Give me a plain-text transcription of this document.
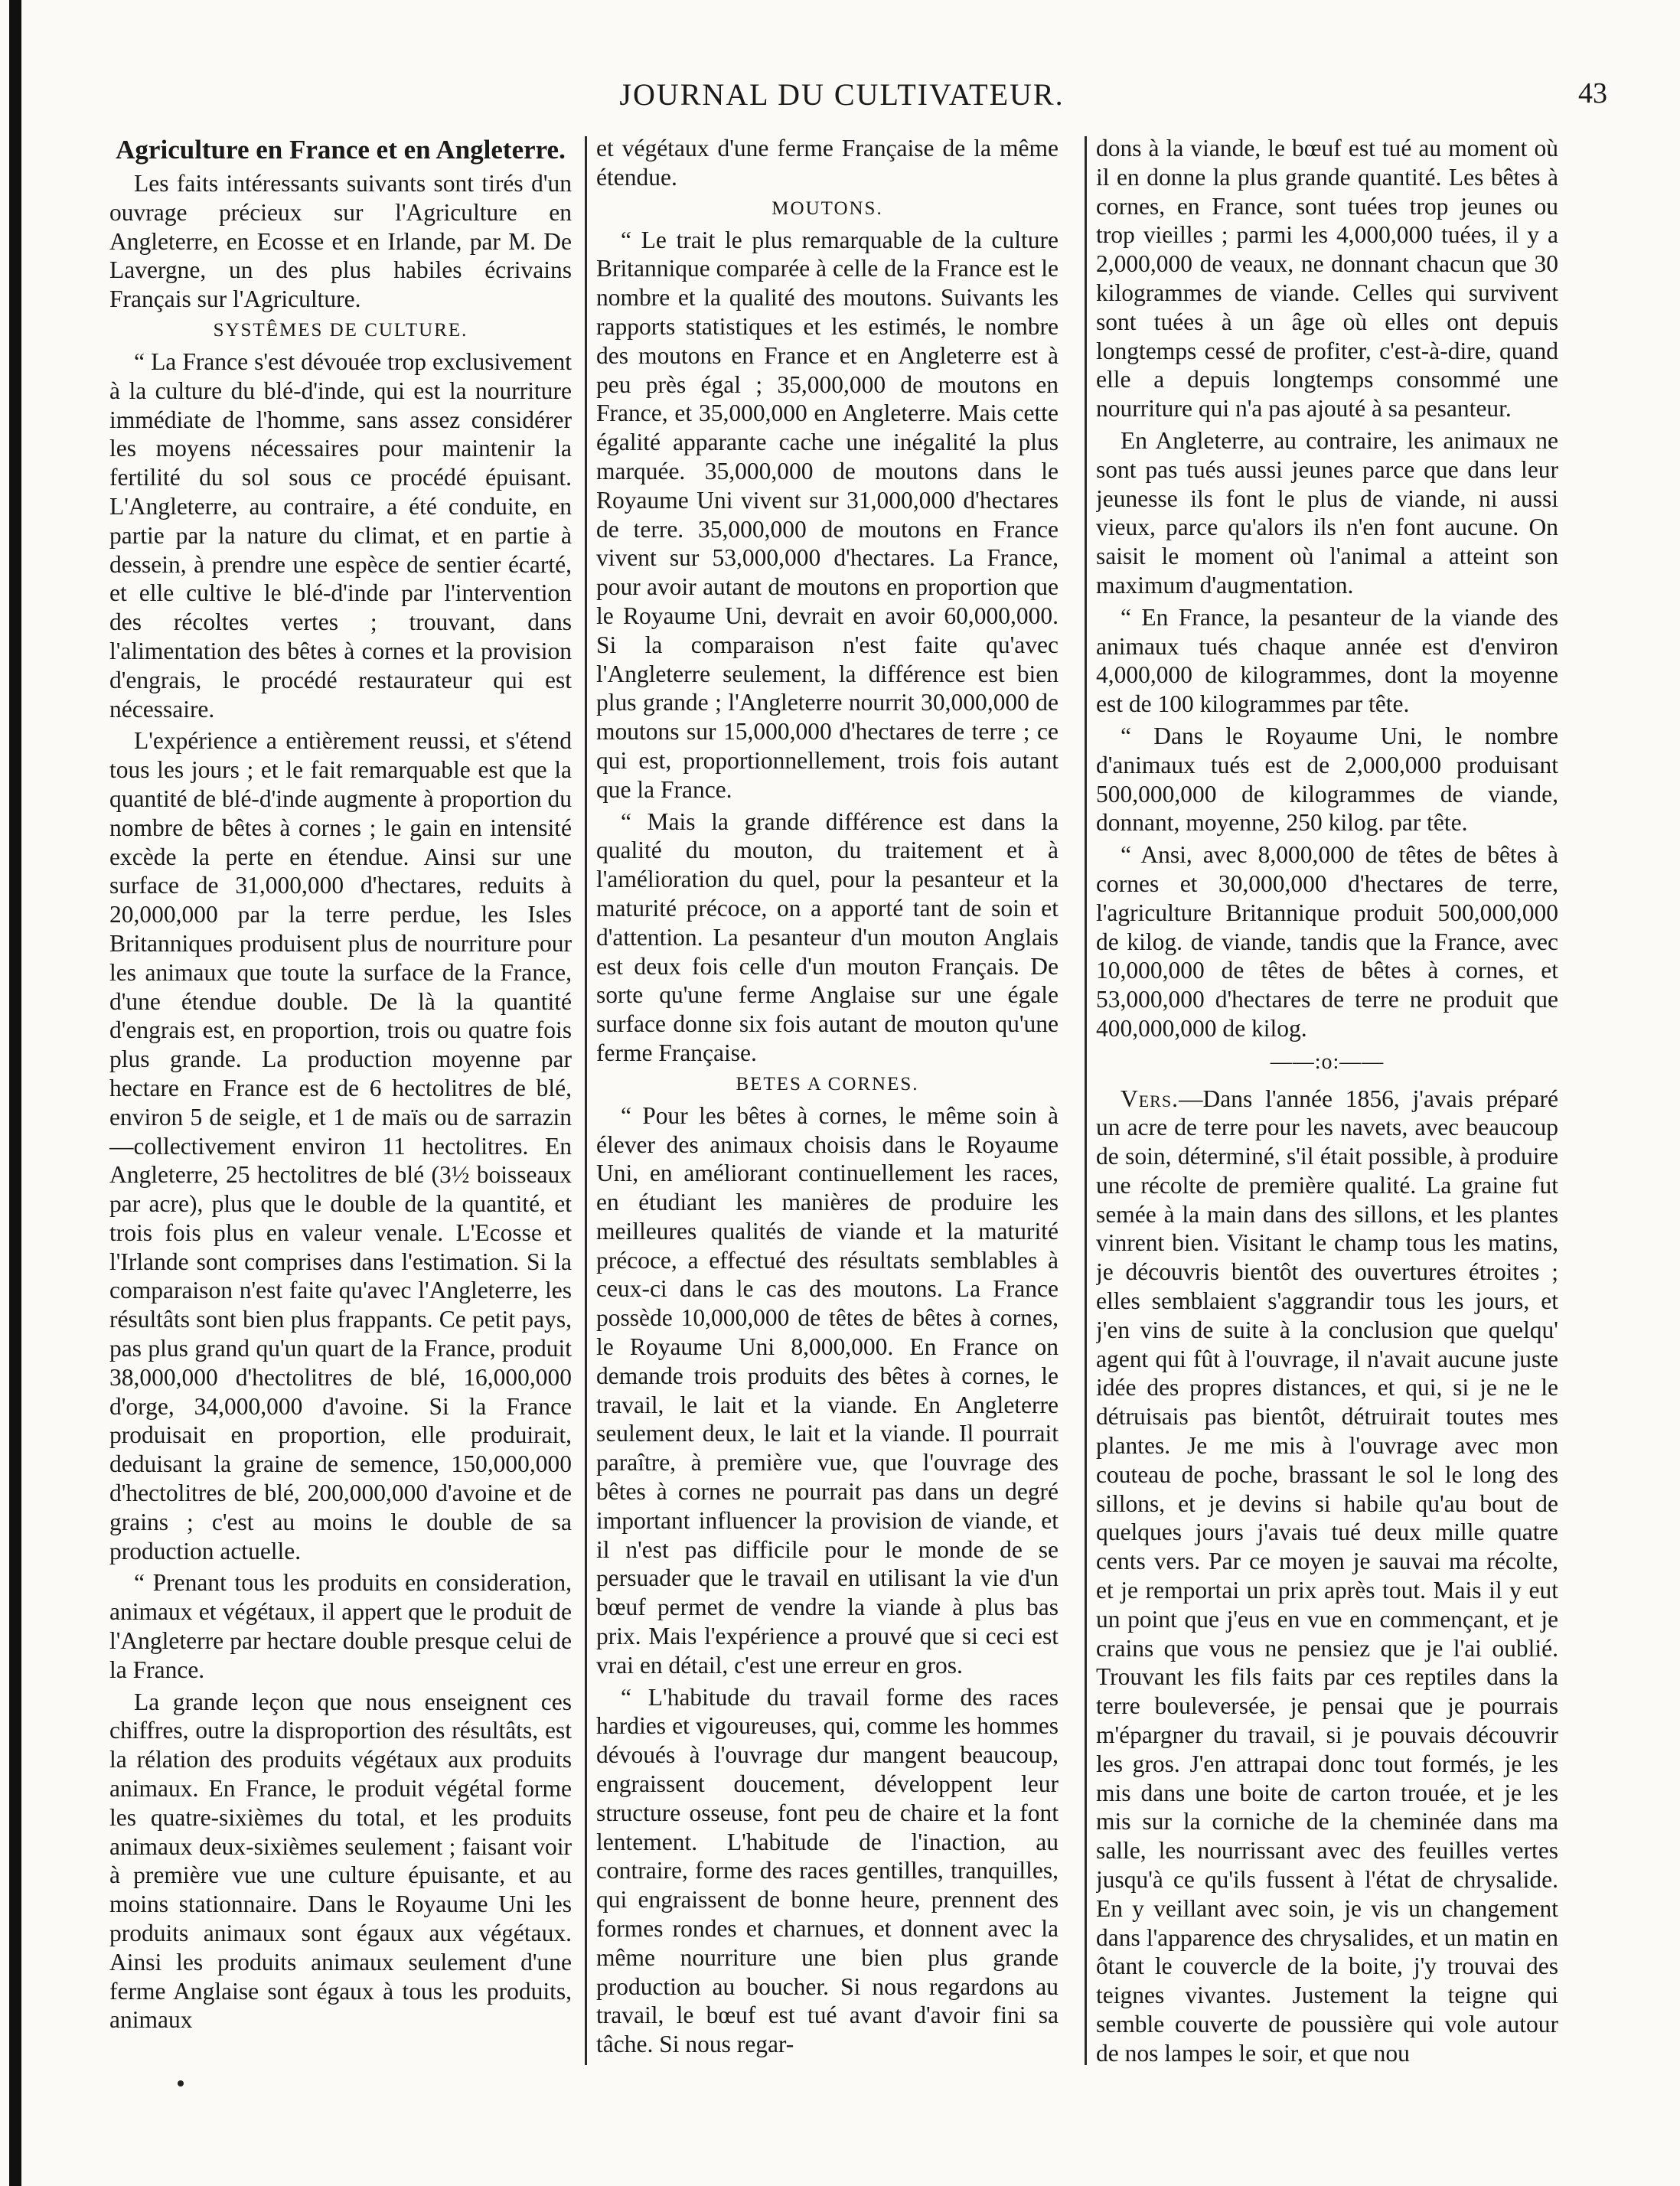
JOURNAL DU CULTIVATEUR.	43
Agriculture en France et en Angleterre.

Les faits intéressants suivants sont tirés d'un ouvrage précieux sur l'Agriculture en Angleterre, en Ecosse et en Irlande, par M. De Lavergne, un des plus habiles écrivains Français sur l'Agriculture.

SYSTÊMES DE CULTURE.

“ La France s'est dévouée trop exclusivement à la culture du blé-d'inde, qui est la nourriture immédiate de l'homme, sans assez considérer les moyens nécessaires pour maintenir la fertilité du sol sous ce procédé épuisant. L'Angleterre, au contraire, a été conduite, en partie par la nature du climat, et en partie à dessein, à prendre une espèce de sentier écarté, et elle cultive le blé-d'inde par l'intervention des récoltes vertes ; trouvant, dans l'alimentation des bêtes à cornes et la provision d'engrais, le procédé restaurateur qui est nécessaire.

L'expérience a entièrement reussi, et s'étend tous les jours ; et le fait remarquable est que la quantité de blé-d'inde augmente à proportion du nombre de bêtes à cornes ; le gain en intensité excède la perte en étendue. Ainsi sur une surface de 31,000,000 d'hectares, reduits à 20,000,000 par la terre perdue, les Isles Britanniques produisent plus de nourriture pour les animaux que toute la surface de la France, d'une étendue double. De là la quantité d'engrais est, en proportion, trois ou quatre fois plus grande. La production moyenne par hectare en France est de 6 hectolitres de blé, environ 5 de seigle, et 1 de maïs ou de sarrazin—collectivement environ 11 hectolitres. En Angleterre, 25 hectolitres de blé (3½ boisseaux par acre), plus que le double de la quantité, et trois fois plus en valeur venale. L'Ecosse et l'Irlande sont comprises dans l'estimation. Si la comparaison n'est faite qu'avec l'Angleterre, les résultâts sont bien plus frappants. Ce petit pays, pas plus grand qu'un quart de la France, produit 38,000,000 d'hectolitres de blé, 16,000,000 d'orge, 34,000,000 d'avoine. Si la France produisait en proportion, elle produirait, deduisant la graine de semence, 150,000,000 d'hectolitres de blé, 200,000,000 d'avoine et de grains ; c'est au moins le double de sa production actuelle.

“ Prenant tous les produits en consideration, animaux et végétaux, il appert que le produit de l'Angleterre par hectare double presque celui de la France.

La grande leçon que nous enseignent ces chiffres, outre la disproportion des résultâts, est la rélation des produits végétaux aux produits animaux. En France, le produit végétal forme les quatre-sixièmes du total, et les produits animaux deux-sixièmes seulement ; faisant voir à première vue une culture épuisante, et au moins stationnaire. Dans le Royaume Uni les produits animaux sont égaux aux végétaux. Ainsi les produits animaux seulement d'une ferme Anglaise sont égaux à tous les produits, animaux

et végétaux d'une ferme Française de la même étendue.

MOUTONS.

“ Le trait le plus remarquable de la culture Britannique comparée à celle de la France est le nombre et la qualité des moutons. Suivants les rapports statistiques et les estimés, le nombre des moutons en France et en Angleterre est à peu près égal ; 35,000,000 de moutons en France, et 35,000,000 en Angleterre. Mais cette égalité apparante cache une inégalité la plus marquée. 35,000,000 de moutons dans le Royaume Uni vivent sur 31,000,000 d'hectares de terre. 35,000,000 de moutons en France vivent sur 53,000,000 d'hectares. La France, pour avoir autant de moutons en proportion que le Royaume Uni, devrait en avoir 60,000,000. Si la comparaison n'est faite qu'avec l'Angleterre seulement, la différence est bien plus grande ; l'Angleterre nourrit 30,000,000 de moutons sur 15,000,000 d'hectares de terre ; ce qui est, proportionnellement, trois fois autant que la France.

“ Mais la grande différence est dans la qualité du mouton, du traitement et à l'amélioration du quel, pour la pesanteur et la maturité précoce, on a apporté tant de soin et d'attention. La pesanteur d'un mouton Anglais est deux fois celle d'un mouton Français. De sorte qu'une ferme Anglaise sur une égale surface donne six fois autant de mouton qu'une ferme Française.

BETES A CORNES.

“ Pour les bêtes à cornes, le même soin à élever des animaux choisis dans le Royaume Uni, en améliorant continuellement les races, en étudiant les manières de produire les meilleures qualités de viande et la maturité précoce, a effectué des résultats semblables à ceux-ci dans le cas des moutons. La France possède 10,000,000 de têtes de bêtes à cornes, le Royaume Uni 8,000,000. En France on demande trois produits des bêtes à cornes, le travail, le lait et la viande. En Angleterre seulement deux, le lait et la viande. Il pourrait paraître, à première vue, que l'ouvrage des bêtes à cornes ne pourrait pas dans un degré important influencer la provision de viande, et il n'est pas difficile pour le monde de se persuader que le travail en utilisant la vie d'un bœuf permet de vendre la viande à plus bas prix. Mais l'expérience a prouvé que si ceci est vrai en détail, c'est une erreur en gros.

“ L'habitude du travail forme des races hardies et vigoureuses, qui, comme les hommes dévoués à l'ouvrage dur mangent beaucoup, engraissent doucement, développent leur structure osseuse, font peu de chaire et la font lentement. L'habitude de l'inaction, au contraire, forme des races gentilles, tranquilles, qui engraissent de bonne heure, prennent des formes rondes et charnues, et donnent avec la même nourriture une bien plus grande production au boucher. Si nous regardons au travail, le bœuf est tué avant d'avoir fini sa tâche. Si nous regar-

dons à la viande, le bœuf est tué au moment où il en donne la plus grande quantité. Les bêtes à cornes, en France, sont tuées trop jeunes ou trop vieilles ; parmi les 4,000,000 tuées, il y a 2,000,000 de veaux, ne donnant chacun que 30 kilogrammes de viande. Celles qui survivent sont tuées à un âge où elles ont depuis longtemps cessé de profiter, c'est-à-dire, quand elle a depuis longtemps consommé une nourriture qui n'a pas ajouté à sa pesanteur.

En Angleterre, au contraire, les animaux ne sont pas tués aussi jeunes parce que dans leur jeunesse ils font le plus de viande, ni aussi vieux, parce qu'alors ils n'en font aucune. On saisit le moment où l'animal a atteint son maximum d'augmentation.

“ En France, la pesanteur de la viande des animaux tués chaque année est d'environ 4,000,000 de kilogrammes, dont la moyenne est de 100 kilogrammes par tête.

“ Dans le Royaume Uni, le nombre d'animaux tués est de 2,000,000 produisant 500,000,000 de kilogrammes de viande, donnant, moyenne, 250 kilog. par tête.

“ Ansi, avec 8,000,000 de têtes de bêtes à cornes et 30,000,000 d'hectares de terre, l'agriculture Britannique produit 500,000,000 de kilog. de viande, tandis que la France, avec 10,000,000 de têtes de bêtes à cornes, et 53,000,000 d'hectares de terre ne produit que 400,000,000 de kilog.

——:o:——

Vers.—Dans l'année 1856, j'avais préparé un acre de terre pour les navets, avec beaucoup de soin, déterminé, s'il était possible, à produire une récolte de première qualité. La graine fut semée à la main dans des sillons, et les plantes vinrent bien. Visitant le champ tous les matins, je découvris bientôt des ouvertures étroites ; elles semblaient s'aggrandir tous les jours, et j'en vins de suite à la conclusion que quelqu' agent qui fût à l'ouvrage, il n'avait aucune juste idée des propres distances, et qui, si je ne le détruisais pas bientôt, détruirait toutes mes plantes. Je me mis à l'ouvrage avec mon couteau de poche, brassant le sol le long des sillons, et je devins si habile qu'au bout de quelques jours j'avais tué deux mille quatre cents vers. Par ce moyen je sauvai ma récolte, et je remportai un prix après tout. Mais il y eut un point que j'eus en vue en commençant, et je crains que vous ne pensiez que je l'ai oublié. Trouvant les fils faits par ces reptiles dans la terre bouleversée, je pensai que je pourrais m'épargner du travail, si je pouvais découvrir les gros. J'en attrapai donc tout formés, je les mis dans une boite de carton trouée, et je les mis sur la corniche de la cheminée dans ma salle, les nourrissant avec des feuilles vertes jusqu'à ce qu'ils fussent à l'état de chrysalide. En y veillant avec soin, je vis un changement dans l'apparence des chrysalides, et un matin en ôtant le couvercle de la boite, j'y trouvai des teignes vivantes. Justement la teigne qui semble couverte de poussière qui vole autour de nos lampes le soir, et que nou
